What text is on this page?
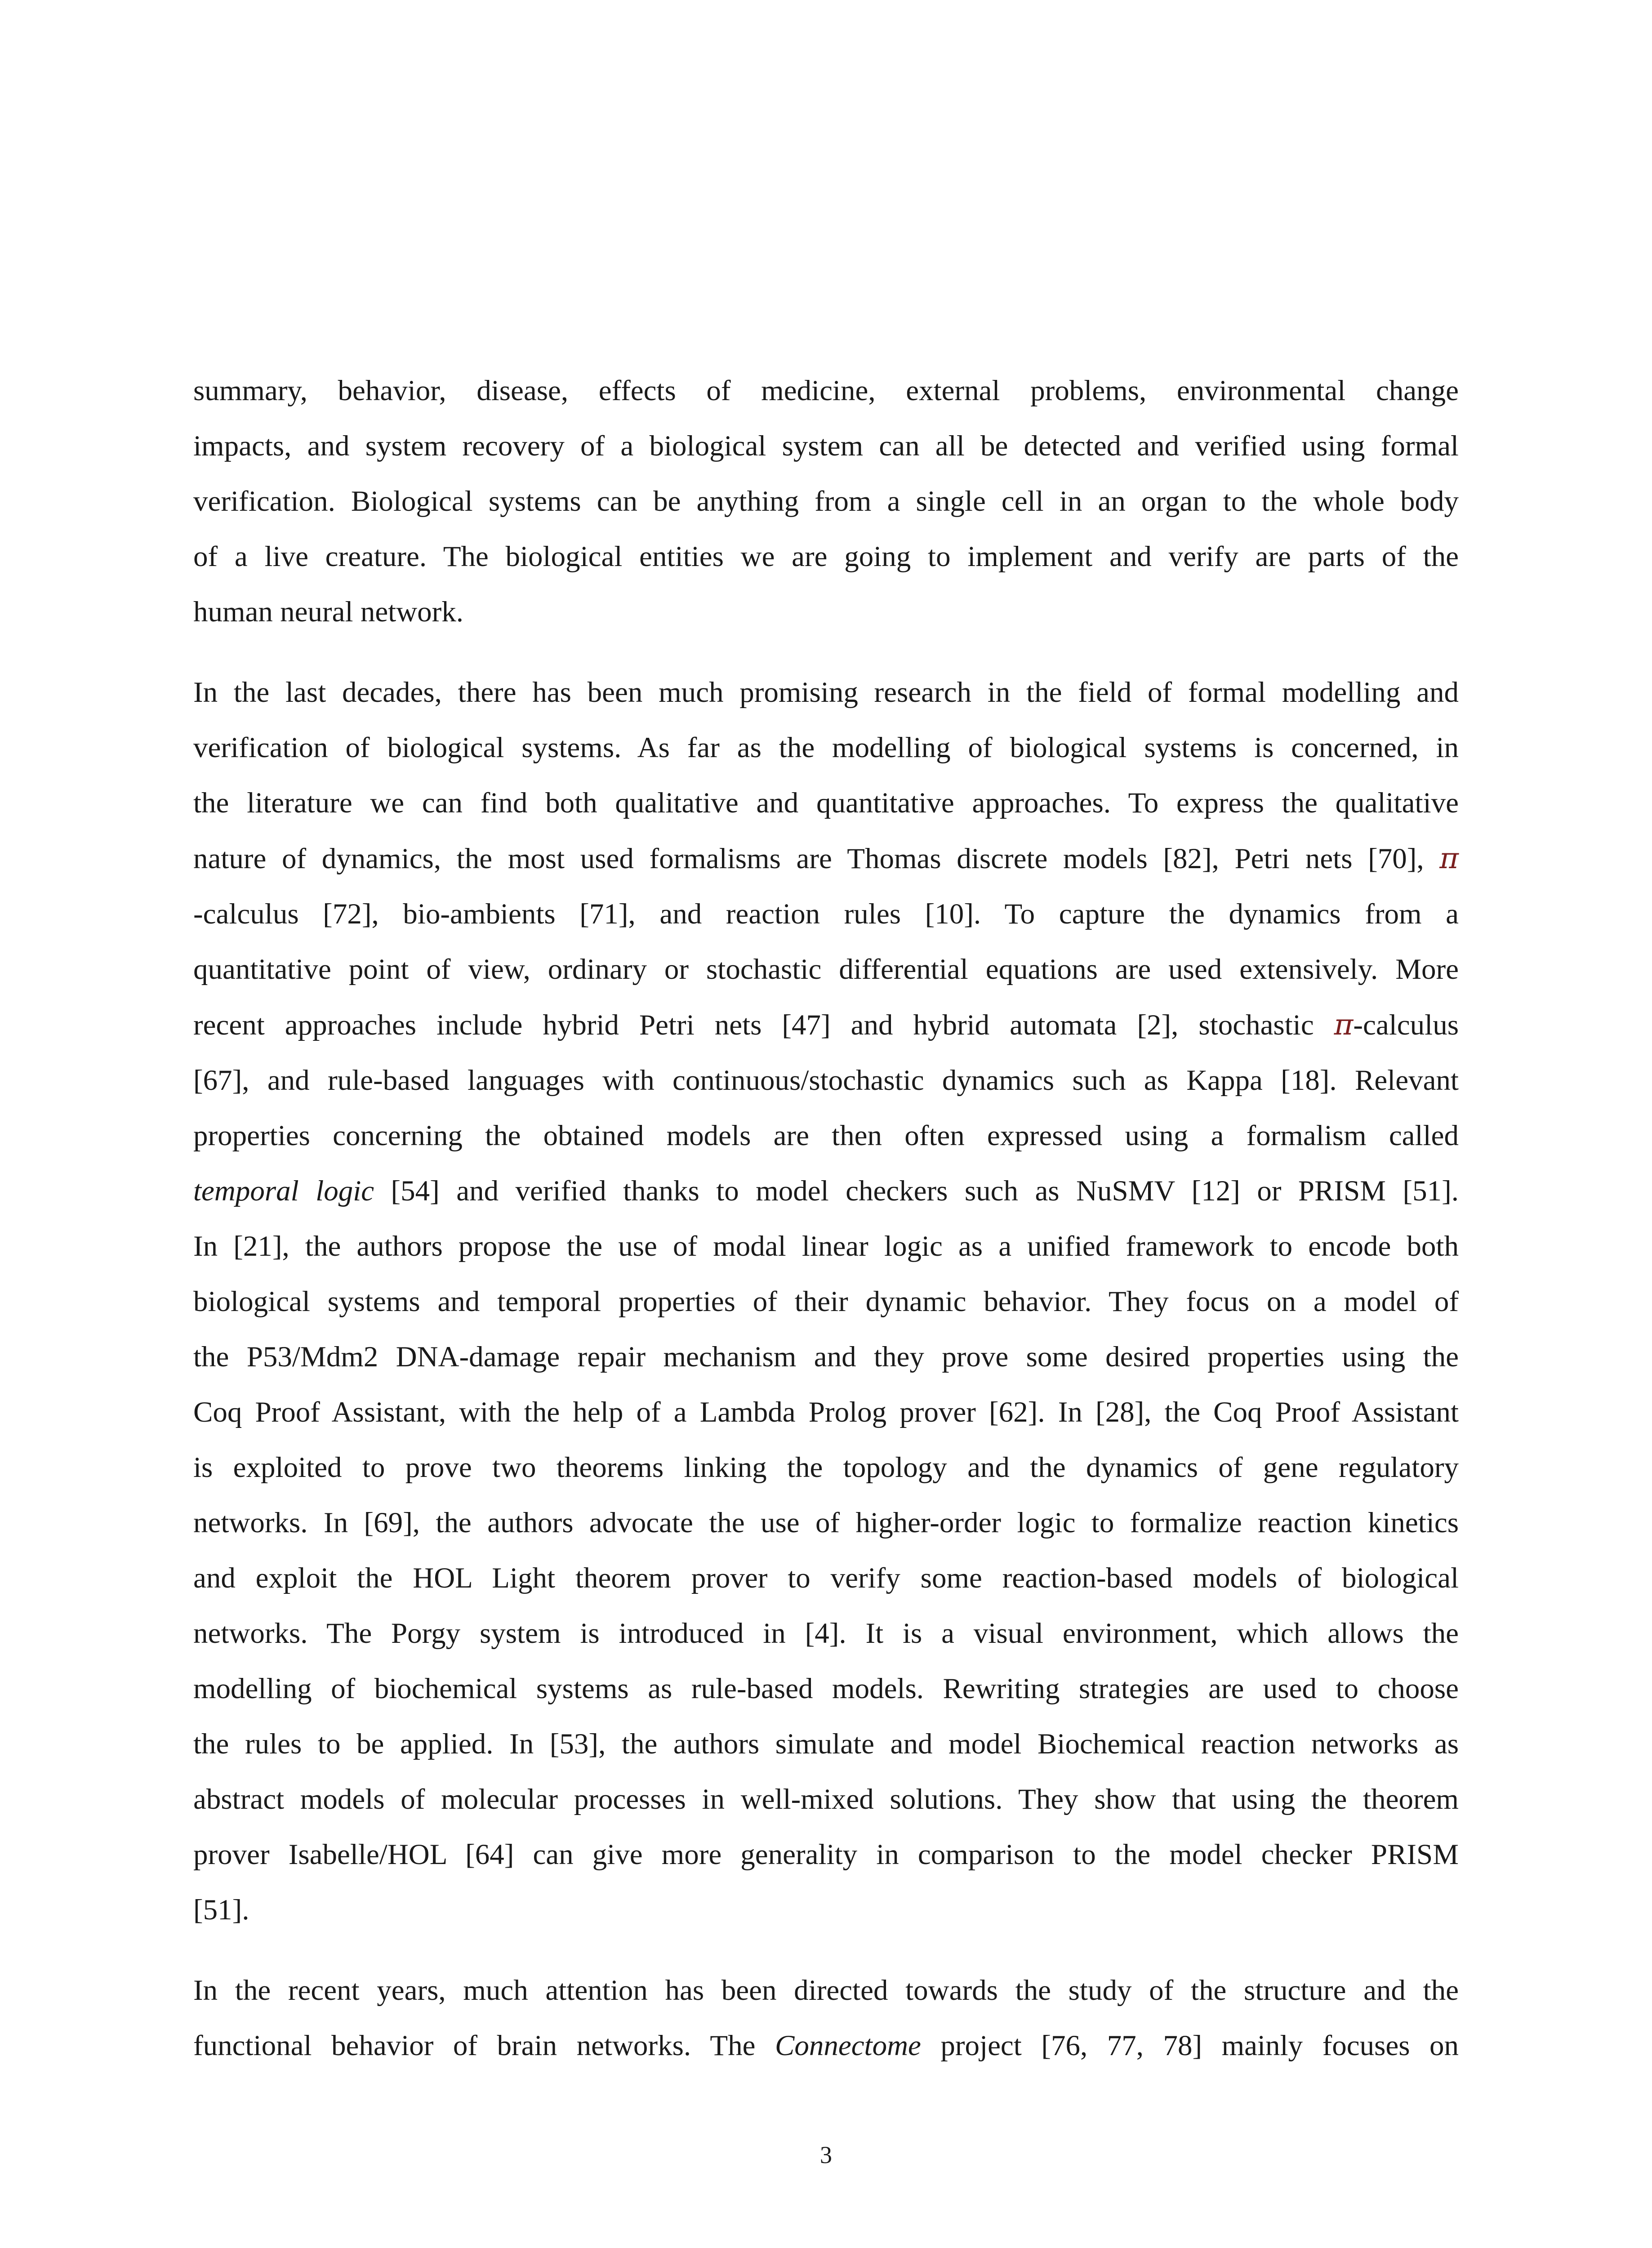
summary, behavior, disease, effects of medicine, external problems, environmental change
impacts, and system recovery of a biological system can all be detected and verified using formal
verification. Biological systems can be anything from a single cell in an organ to the whole body
of a live creature. The biological entities we are going to implement and verify are parts of the
human neural network.

In the last decades, there has been much promising research in the field of formal modelling and
verification of biological systems. As far as the modelling of biological systems is concerned, in
the literature we can find both qualitative and quantitative approaches. To express the qualitative
nature of dynamics, the most used formalisms are Thomas discrete models [82], Petri nets [70], π
-calculus [72], bio-ambients [71], and reaction rules [10]. To capture the dynamics from a
quantitative point of view, ordinary or stochastic differential equations are used extensively. More
recent approaches include hybrid Petri nets [47] and hybrid automata [2], stochastic π-calculus
[67], and rule-based languages with continuous/stochastic dynamics such as Kappa [18]. Relevant
properties concerning the obtained models are then often expressed using a formalism called
temporal logic [54] and verified thanks to model checkers such as NuSMV [12] or PRISM [51].
In [21], the authors propose the use of modal linear logic as a unified framework to encode both
biological systems and temporal properties of their dynamic behavior. They focus on a model of
the P53/Mdm2 DNA-damage repair mechanism and they prove some desired properties using the
Coq Proof Assistant, with the help of a Lambda Prolog prover [62]. In [28], the Coq Proof Assistant
is exploited to prove two theorems linking the topology and the dynamics of gene regulatory
networks. In [69], the authors advocate the use of higher-order logic to formalize reaction kinetics
and exploit the HOL Light theorem prover to verify some reaction-based models of biological
networks. The Porgy system is introduced in [4]. It is a visual environment, which allows the
modelling of biochemical systems as rule-based models. Rewriting strategies are used to choose
the rules to be applied. In [53], the authors simulate and model Biochemical reaction networks as
abstract models of molecular processes in well-mixed solutions. They show that using the theorem
prover Isabelle/HOL [64] can give more generality in comparison to the model checker PRISM
[51].

In the recent years, much attention has been directed towards the study of the structure and the
functional behavior of brain networks. The Connectome project [76, 77, 78] mainly focuses on

3
